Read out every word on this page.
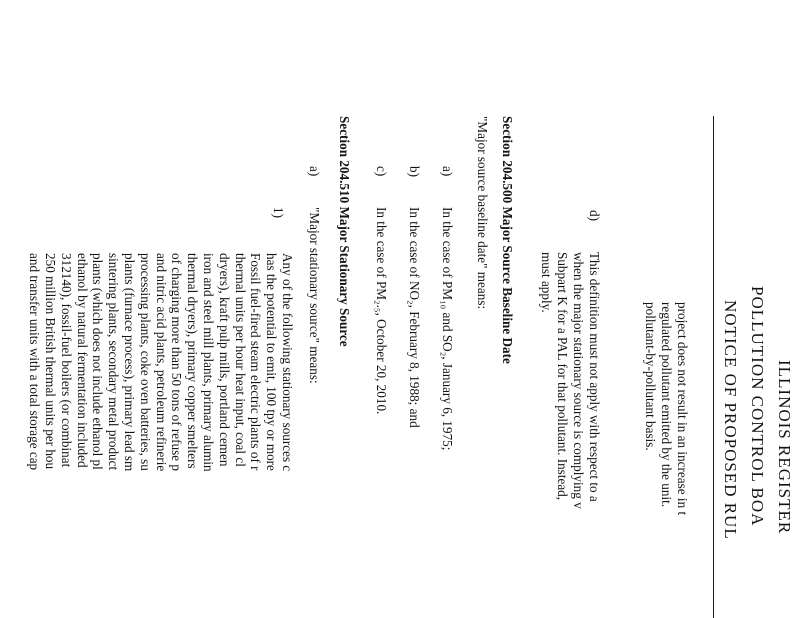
ILLINOIS REGISTER
POLLUTION CONTROL BOA
NOTICE OF PROPOSED RUL
project does not result in an increase in t
regulated pollutant emitted by the unit.
pollutant-by-pollutant basis.
d)
This definition must not apply with respect to a
when the major stationary source is complying v
Subpart K for a PAL for that pollutant. Instead,
must apply.
Section 204.500 Major Source Baseline Date
"Major source baseline date" means:
a)
In the case of PM₁₀ and SO₂, January 6, 1975;
b)
In the case of NO₂, February 8, 1988; and
c)
In the case of PM₂.₅, October 20, 2010.
Section 204.510 Major Stationary Source
a)
"Major stationary source" means:
1)
Any of the following stationary sources c
has the potential to emit, 100 tpy or more
Fossil fuel-fired steam electric plants of r
thermal units per hour heat input, coal cl
dryers), kraft pulp mills, portland cemen
iron and steel mill plants, primary alumin
thermal dryers), primary copper smelters
of charging more than 50 tons of refuse p
and nitric acid plants, petroleum refinerie
processing plants, coke oven batteries, su
plants (furnace process), primary lead sm
sintering plants, secondary metal product
plants (which does not include ethanol pl
ethanol by natural fermentation included
312140), fossil-fuel boilers (or combinat
250 million British thermal units per hou
and transfer units with a total storage cap
